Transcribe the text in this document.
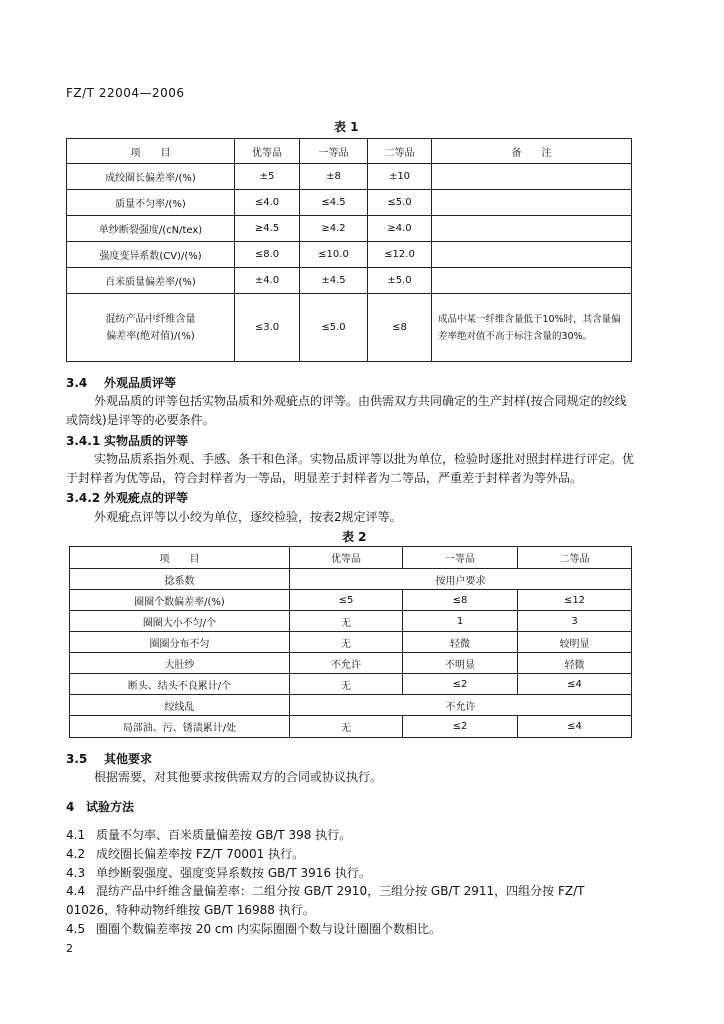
FZ/T 22004—2006
表 1
项　　目	优等品	一等品	二等品	备　　注
成绞圈长偏差率/(%)	±5	±8	±10	
质量不匀率/(%)	≤4.0	≤4.5	≤5.0	
单纱断裂强度/(cN/tex)	≥4.5	≥4.2	≥4.0	
强度变异系数(CV)/(%)	≤8.0	≤10.0	≤12.0	
百米质量偏差率/(%)	±4.0	±4.5	±5.0	

混纺产品中纤维含量
偏差率(绝对值)/(%)	≤3.0	≤5.0	≤8	成品中某一纤维含量低于10%时，其含量偏差率绝对值不高于标注含量的30%。
3.4 外观品质评等
外观品质的评等包括实物品质和外观疵点的评等。由供需双方共同确定的生产封样(按合同规定的绞线或筒线)是评等的必要条件。
3.4.1 实物品质的评等
实物品质系指外观、手感、条干和色泽。实物品质评等以批为单位，检验时逐批对照封样进行评定。优于封样者为优等品，符合封样者为一等品，明显差于封样者为二等品，严重差于封样者为等外品。
3.4.2 外观疵点的评等
外观疵点评等以小绞为单位，逐绞检验，按表2规定评等。
表 2
项　　目	优等品	一等品	二等品
捻系数	按用户要求		
圈圈个数偏差率/(%)	≤5	≤8	≤12
圈圈大小不匀/个	无	1	3
圈圈分布不匀	无	轻微	较明显
大肚纱	不允许	不明显	轻微
断头、结头不良累计/个	无	≤2	≤4
绞线乱	不允许		
局部油、污、锈渍累计/处	无	≤2	≤4
3.5 其他要求
根据需要，对其他要求按供需双方的合同或协议执行。
4 试验方法
4.1 质量不匀率、百米质量偏差按 GB/T 398 执行。
4.2 成绞圈长偏差率按 FZ/T 70001 执行。
4.3 单纱断裂强度、强度变异系数按 GB/T 3916 执行。
4.4 混纺产品中纤维含量偏差率：二组分按 GB/T 2910，三组分按 GB/T 2911，四组分按 FZ/T 01026，特种动物纤维按 GB/T 16988 执行。
4.5 圈圈个数偏差率按 20 cm 内实际圈圈个数与设计圈圈个数相比。
2
